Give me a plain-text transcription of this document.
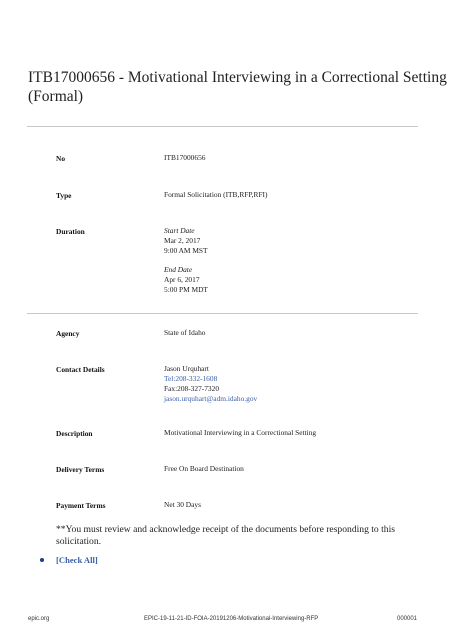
ITB17000656 - Motivational Interviewing in a Correctional Setting (Formal)
No	ITB17000656
Type	Formal Solicitation (ITB,RFP,RFI)
Duration	Start Date
Mar 2, 2017
9:00 AM MST
End Date
Apr 6, 2017
5:00 PM MDT
Agency	State of Idaho
Contact Details	Jason Urquhart
Tel:208-332-1608
Fax:208-327-7320
jason.urquhart@adm.idaho.gov
Description	Motivational Interviewing in a Correctional Setting
Delivery Terms	Free On Board Destination
Payment Terms	Net 30 Days
**You must review and acknowledge receipt of the documents before responding to this solicitation.
[Check All]
epic.org	EPIC-19-11-21-ID-FOIA-20191206-Motivational-Interviewing-RFP	000001
